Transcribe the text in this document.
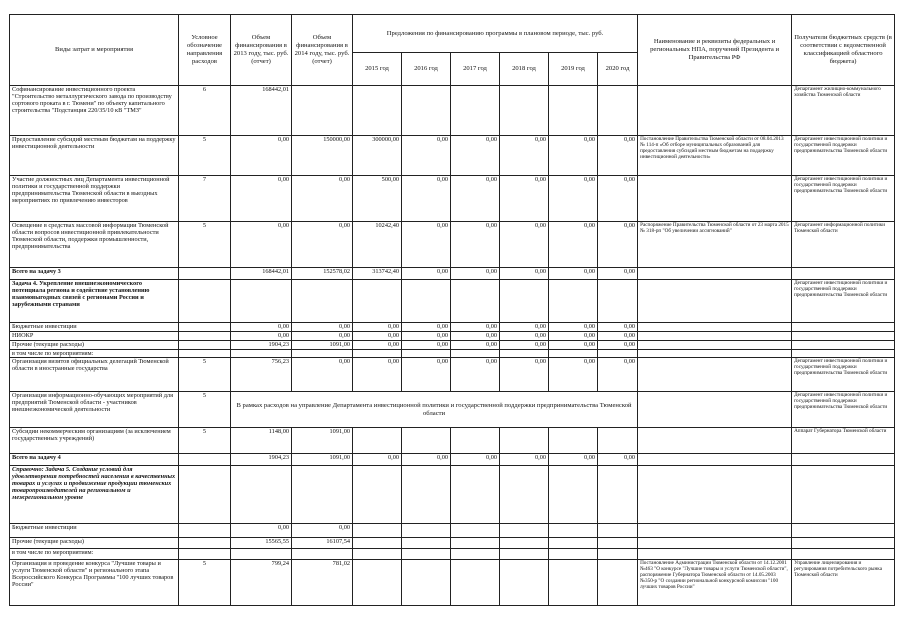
Виды затрат и мероприятия	Условное обозначение направления расходов	Объем финансирования в 2013 году, тыс. руб. (отчет)	Объем финансирования в 2014 году, тыс. руб. (отчет)	Предложения по финансированию программы в плановом периоде, тыс. руб.						Наименование и реквизиты федеральных и региональных НПА, поручений Президента и Правительства РФ	Получатели бюджетных средств (в соответствии с ведомственной классификацией областного бюджета)
				2015 год	2016 год	2017 год	2018 год	2019 год	2020 год		
Софинансирование инвестиционного проекта "Строительство металлургического завода по производству сортового проката в г. Тюмени" по объекту капитального строительства "Подстанция 220/35/10 кВ "ТМЗ"	6	168442,01									Департамент жилищно-коммунального хозяйства Тюменской области
Предоставление субсидий местным бюджетам на поддержку инвестиционной деятельности	5	0,00	150000,00	300000,00	0,00	0,00	0,00	0,00	0,00	Постановление Правительства Тюменской области от 08.04.2013 № 114-п «Об отборе муниципальных образований для предоставления субсидий местным бюджетам на поддержку инвестиционной деятельности»	Департамент инвестиционной политики и государственной поддержки предпринимательства Тюменской области
Участие должностных лиц Департамента инвестиционной политики и государственной поддержки предпринимательства Тюменской области в выездных мероприятиях по привлечению инвесторов	7	0,00	0,00	500,00	0,00	0,00	0,00	0,00	0,00		Департамент инвестиционной политики и государственной поддержки предпринимательства Тюменской области
Освещение в средствах массовой информации Тюменской области вопросов инвестиционной привлекательности Тюменской области, поддержки промышленности, предпринимательства	5	0,00	0,00	10242,40	0,00	0,00	0,00	0,00	0,00	Распоряжение Правительства Тюменской области от 23 марта 2015 № 318-рп "Об увеличении ассигнований"	Департамент информационной политики Тюменской области
Всего на задачу 3		168442,01	152578,02	313742,40	0,00	0,00	0,00	0,00	0,00		
Задача 4. Укрепление внешнеэкономического потенциала региона и содействие установлению взаимовыгодных связей с регионами России и зарубежными странами											Департамент инвестиционной политики и государственной поддержки предпринимательства Тюменской области
Бюджетные инвестиции		0,00	0,00	0,00	0,00	0,00	0,00	0,00	0,00		
НИОКР		0,00	0,00	0,00	0,00	0,00	0,00	0,00	0,00		
Прочие (текущие расходы)		1904,23	1091,00	0,00	0,00	0,00	0,00	0,00	0,00		
в том числе по мероприятиям:											
Организация визитов официальных делегаций Тюменской области в иностранные государства	5	756,23	0,00	0,00	0,00	0,00	0,00	0,00	0,00		Департамент инвестиционной политики и государственной поддержки предпринимательства Тюменской области
Организация информационно-обучающих мероприятий для предприятий Тюменской области - участников внешнеэкономической деятельности	5	В рамках расходов на управление Департамента инвестиционной политики и государственной поддержки предпринимательства Тюменской области									Департамент инвестиционной политики и государственной поддержки предпринимательства Тюменской области
Субсидии некоммерческим организациям (за исключением государственных учреждений)	5	1148,00	1091,00								Аппарат Губернатора Тюменской области
Всего на задачу 4		1904,23	1091,00	0,00	0,00	0,00	0,00	0,00	0,00		
Справочно: Задача 5. Создание условий для удовлетворения потребностей населения в качественных товарах и услугах и продвижение продукции тюменских товаропроизводителей на региональном и межрегиональном уровне											
Бюджетные инвестиции		0,00	0,00								
Прочие (текущие расходы)		15565,55	16107,54								
в том числе по мероприятиям:											
Организация и проведение конкурса "Лучшие товары и услуги Тюменской области" и регионального этапа Всероссийского Конкурса Программы "100 лучших товаров России"	5	799,24	781,02							Постановление Администрации Тюменской области от 14.12.2001 №463 "О конкурсе "Лучшие товары и услуги Тюменской области", распоряжение Губернатора Тюменской области от 14.05.2003 №350-р "О создании региональной конкурсной комиссии "100 лучших товаров России"	Управление лицензирования и регулирования потребительского рынка Тюменской области
